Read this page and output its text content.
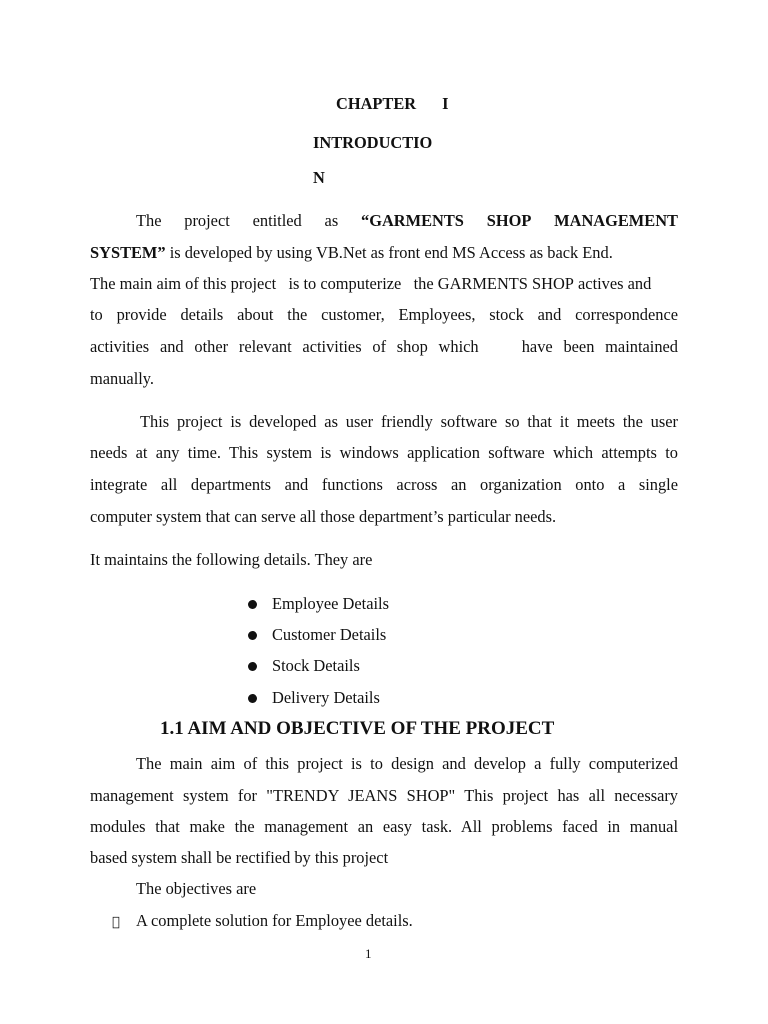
CHAPTER I
INTRODUCTIO
N
The project entitled as “GARMENTS SHOP MANAGEMENT
SYSTEM” is developed by using VB.Net as front end MS Access as back End.
The main aim of this project   is to computerize   the GARMENTS SHOP actives and
to provide details about the customer, Employees, stock and correspondence
activities and other relevant activities of shop which    have been maintained
manually.
This project is developed as user friendly software so that it meets the user
needs at any time. This system is windows application software which attempts to
integrate all departments and functions across an organization onto a single
computer system that can serve all those department’s particular needs.
It maintains the following details. They are
Employee Details
Customer Details
Stock Details
Delivery Details
1.1 AIM AND OBJECTIVE OF THE PROJECT
The main aim of this project is to design and develop a fully computerized
management system for "TRENDY JEANS SHOP" This project has all necessary
modules that make the management an easy task. All problems faced in manual
based system shall be rectified by this project
The objectives are
A complete solution for Employee details.
1
